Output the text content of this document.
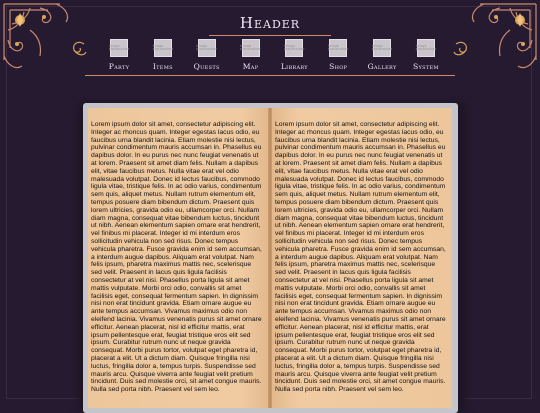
Header
image placeholder
Party
image placeholder
Items
image placeholder
Quests
image placeholder
Map
image placeholder
Library
image placeholder
Shop
image placeholder
Gallery
image placeholder
System
Lorem ipsum dolor sit amet, consectetur adipiscing elit. Integer ac rhoncus quam. Integer egestas lacus odio, eu faucibus urna blandit lacinia. Etiam molestie nisi lectus, pulvinar condimentum mauris accumsan in. Phasellus eu dapibus dolor. In eu purus nec nunc feugiat venenatis ut at lorem. Praesent sit amet diam felis. Nullam a dapibus elit, vitae faucibus metus. Nulla vitae erat vel odio malesuada volutpat. Donec id lectus faucibus, commodo ligula vitae, tristique felis. In ac odio varius, condimentum sem quis, aliquet metus. Nullam rutrum elementum elit, tempus posuere diam bibendum dictum. Praesent quis lorem ultricies, gravida odio eu, ullamcorper orci. Nullam diam magna, consequat vitae bibendum luctus, tincidunt ut nibh. Aenean elementum sapien ornare erat hendrerit, vel finibus mi placerat. Integer id mi interdum eros sollicitudin vehicula non sed risus. Donec tempus vehicula pharetra. Fusce gravida enim id sem accumsan, a interdum augue dapibus. Aliquam erat volutpat. Nam felis ipsum, pharetra maximus mattis nec, scelerisque sed velit. Praesent in lacus quis ligula facilisis consectetur at vel nisi. Phasellus porta ligula sit amet mattis vulputate. Morbi orci odio, convallis sit amet facilisis eget, consequat fermentum sapien. In dignissim nisi non erat tincidunt gravida. Etiam ornare augue eu ante tempus accumsan. Vivamus maximus odio non eleifend lacinia. Vivamus venenatis purus sit amet ornare efficitur. Aenean placerat, nisl id efficitur mattis, erat ipsum pellentesque erat, feugiat tristique eros elit sed ipsum. Curabitur rutrum nunc ut neque gravida consequat. Morbi purus tortor, volutpat eget pharetra id, placerat a elit. Ut a dictum diam. Quisque fringilla nisi luctus, fringilla dolor a, tempus turpis. Suspendisse sed mauris arcu. Quisque viverra ante feugiat velit pretium tincidunt. Duis sed molestie orci, sit amet congue mauris. Nulla sed porta nibh. Praesent vel sem leo.
Lorem ipsum dolor sit amet, consectetur adipiscing elit. Integer ac rhoncus quam. Integer egestas lacus odio, eu faucibus urna blandit lacinia. Etiam molestie nisi lectus, pulvinar condimentum mauris accumsan in. Phasellus eu dapibus dolor. In eu purus nec nunc feugiat venenatis ut at lorem. Praesent sit amet diam felis. Nullam a dapibus elit, vitae faucibus metus. Nulla vitae erat vel odio malesuada volutpat. Donec id lectus faucibus, commodo ligula vitae, tristique felis. In ac odio varius, condimentum sem quis, aliquet metus. Nullam rutrum elementum elit, tempus posuere diam bibendum dictum. Praesent quis lorem ultricies, gravida odio eu, ullamcorper orci. Nullam diam magna, consequat vitae bibendum luctus, tincidunt ut nibh. Aenean elementum sapien ornare erat hendrerit, vel finibus mi placerat. Integer id mi interdum eros sollicitudin vehicula non sed risus. Donec tempus vehicula pharetra. Fusce gravida enim id sem accumsan, a interdum augue dapibus. Aliquam erat volutpat. Nam felis ipsum, pharetra maximus mattis nec, scelerisque sed velit. Praesent in lacus quis ligula facilisis consectetur at vel nisi. Phasellus porta ligula sit amet mattis vulputate. Morbi orci odio, convallis sit amet facilisis eget, consequat fermentum sapien. In dignissim nisi non erat tincidunt gravida. Etiam ornare augue eu ante tempus accumsan. Vivamus maximus odio non eleifend lacinia. Vivamus venenatis purus sit amet ornare efficitur. Aenean placerat, nisl id efficitur mattis, erat ipsum pellentesque erat, feugiat tristique eros elit sed ipsum. Curabitur rutrum nunc ut neque gravida consequat. Morbi purus tortor, volutpat eget pharetra id, placerat a elit. Ut a dictum diam. Quisque fringilla nisi luctus, fringilla dolor a, tempus turpis. Suspendisse sed mauris arcu. Quisque viverra ante feugiat velit pretium tincidunt. Duis sed molestie orci, sit amet congue mauris. Nulla sed porta nibh. Praesent vel sem leo.
